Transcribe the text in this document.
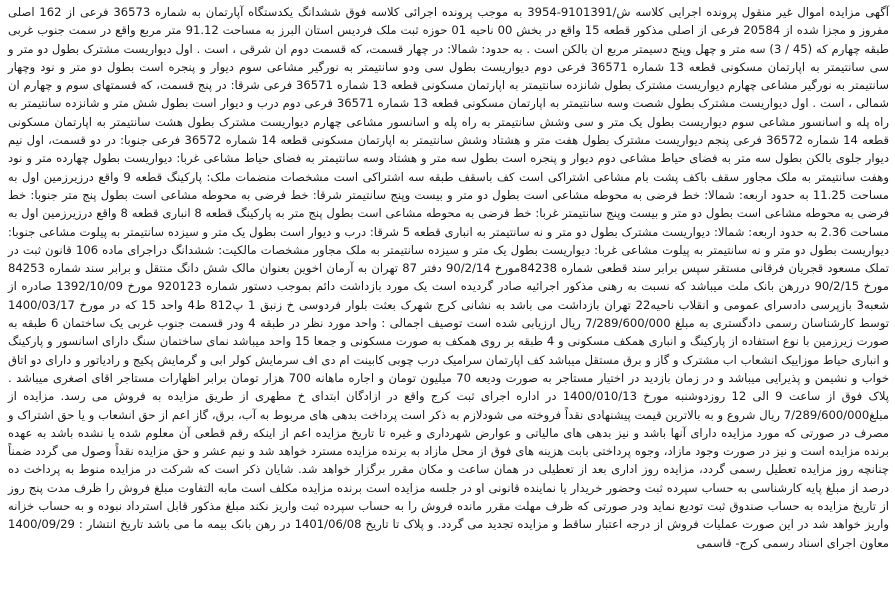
آگهی مزایده اموال غیر منقول پرونده اجرایی کلاسه ش/9101391-3954 به موجب پرونده اجرائی کلاسه فوق ششدانگ یکدستگاه آپارتمان به شماره 36573 فرعی از 162 اصلی مفروز و مجزا شده از 20584 فرعی از اصلی مذکور قطعه 15 واقع در بخش 00 ناحیه 01 حوزه ثبت ملک فردیس استان البرز به مساحت 91.12 متر مربع واقع در سمت جنوب غربی طبقه چهارم که (45 / 3) سه متر و چهل وپنج دسیمتر مربع ان بالکن است . به حدود: شمالا: در چهار قسمت، که قسمت دوم ان شرقی ، است . اول دیواریست مشترک بطول دو متر و سی سانتیمتر به اپارتمان مسکونی قطعه 13 شماره 36571 فرعی دوم دیواریست بطول سی ودو سانتیمتر به نورگیر مشاعی سوم دیوار و پنجره است بطول دو متر و نود وچهار سانتیمتر به نورگیر مشاعی چهارم دیواریست مشترک بطول شانزده سانتیمتر به اپارتمان مسکونی قطعه 13 شماره 36571 فرعی شرقا: در پنج قسمت، که قسمتهای سوم و چهارم ان شمالی ، است . اول دیواریست مشترک بطول شصت وسه سانتیمتر به اپارتمان مسکونی قطعه 13 شماره 36571 فرعی دوم درب و دیوار است بطول شش متر و شانزده سانتیمتر به راه پله و اسانسور مشاعی سوم دیواریست بطول یک متر و سی وشش سانتیمتر به راه پله و اسانسور مشاعی چهارم دیواریست مشترک بطول هشت سانتیمتر به اپارتمان مسکونی قطعه 14 شماره 36572 فرعی پنجم دیواریست مشترک بطول هفت متر و هشتاد وشش سانتیمتر به اپارتمان مسکونی قطعه 14 شماره 36572 فرعی جنوبا: در دو قسمت، اول نیم دیوار جلوی بالکن بطول سه متر به فضای حیاط مشاعی دوم دیوار و پنجره است بطول سه متر و هشتاد وسه سانتیمتر به فضای حیاط مشاعی غربا: دیواریست بطول چهارده متر و نود وهفت سانتیمتر به ملک مجاور سقف باکف پشت بام مشاعی اشتراکی است کف باسقف طبقه سه اشتراکی است مشخصات منضمات ملک: پارکینگ قطعه 9 واقع درزیرزمین اول به مساحت 11.25 به حدود اربعه: شمالا: خط فرضی به محوطه مشاعی است بطول دو متر و بیست وپنج سانتیمتر شرقا: خط فرضی به محوطه مشاعی است بطول پنج متر جنوبا: خط فرضی به محوطه مشاعی است بطول دو متر و بیست وپنج سانتیمتر غربا: خط فرضی به محوطه مشاعی است بطول پنج متر به پارکینگ قطعه 8 انباری قطعه 8 واقع درزیرزمین اول به مساحت 2.36 به حدود اربعه: شمالا: دیواریست مشترک بطول دو متر و نه سانتیمتر به انباری قطعه 5 شرقا: درب و دیوار است بطول یک متر و سیزده سانتیمتر به پیلوت مشاعی جنوبا: دیواریست بطول دو متر و نه سانتیمتر به پیلوت مشاعی غربا: دیواریست بطول یک متر و سیزده سانتیمتر به ملک مجاور مشخصات مالکیت: ششدانگ دراجرای ماده 106 قانون ثبت در تملک مسعود قجریان فرقانی مستقر سپس برابر سند قطعی شماره 84238مورخ 90/2/14 دفتر 87 تهران به آرمان اخوین بعنوان مالک شش دانگ منتقل و برابر سند شماره 84253 مورخ 90/2/15 دررهن بانک ملت میباشد که نسبت به رهنی مذکور اجرائیه صادر گردیده است یک مورد بازداشت دائم بموجب دستور شماره 920123 مورخ 1392/10/09 صادره از شعبه3 بازپرسی دادسرای عمومی و انقلاب ناحیه22 تهران بازداشت می باشد به نشانی کرج شهرک بعثت بلوار فردوسی خ زنبق 1 پ812 ط4 واحد 15 که در مورخ 1400/03/17 توسط کارشناسان رسمی دادگستری به مبلغ 7/289/600/000 ریال ارزیابی شده است توصیف اجمالی : واحد مورد نظر در طبقه 4 ودر قسمت جنوب غربی یک ساختمان 6 طبقه به صورت زیرزمین با نوع استفاده از پارکینگ و انباری همکف مسکونی و 4 طبقه بر روی همکف به صورت مسکونی و جمعا 15 واحد میباشد نمای ساختمان سنگ دارای اسانسور و پارکینگ و انباری حیاط موزاییک انشعاب اب مشترک و گاز و برق مستقل میباشد کف اپارتمان سرامیک درب چوبی کابینت ام دی اف سرمایش کولر ابی و گرمایش پکیج و رادیاتور و دارای دو اتاق خواب و نشیمن و پذیرایی میباشد و در زمان بازدید در اختیار مستاجر به صورت ودیعه 70 میلیون تومان و اجاره ماهانه 700 هزار تومان برابر اظهارات مستاجر اقای اصغری میباشد . پلاک فوق از ساعت 9 الی 12 روزدوشنبه مورخ 1400/010/13 در اداره اجرای ثبت کرج واقع در ازادگان ابتدای خ مطهری از طریق مزایده به فروش می رسد. مزایده از مبلغ7/289/600/000 ریال شروع و به بالاترین قیمت پیشنهادی نقداً فروخته می شودلازم به ذکر است پرداخت بدهی های مربوط به آب، برق، گاز اعم از حق انشعاب و یا حق اشتراک و مصرف در صورتی که مورد مزایده دارای آنها باشد و نیز بدهی های مالیاتی و عوارض شهرداری و غیره تا تاریخ مزایده اعم از اینکه رقم قطعی آن معلوم شده یا نشده باشد به عهده برنده مزایده است و نیز در صورت وجود مازاد، وجوه پرداختی بابت هزینه های فوق از محل مازاد به برنده مزایده مسترد خواهد شد و نیم عشر و حق مزایده نقداً وصول می گردد ضمناً چنانچه روز مزایده تعطیل رسمی گردد، مزایده روز اداری بعد از تعطیلی در همان ساعت و مکان مقرر برگزار خواهد شد. شایان ذکر است که شرکت در مزایده منوط به پرداخت ده درصد از مبلغ پایه کارشناسی به حساب سپرده ثبت وحضور خریدار یا نماینده قانونی او در جلسه مزایده است برنده مزایده مکلف است مابه التفاوت مبلغ فروش را ظرف مدت پنج روز از تاریخ مزایده به حساب صندوق ثبت تودیع نماید ودر صورتی که ظرف مهلت مقرر مانده فروش را به حساب سپرده ثبت واریز نکند مبلغ مذکور قابل استرداد نبوده و به حساب خزانه واریز خواهد شد در این صورت عملیات فروش از درجه اعتبار ساقط و مزایده تجدید می گردد. و پلاک تا تاریخ 1401/06/08 در رهن بانک بیمه ما می باشد تاریخ انتشار : 1400/09/29 معاون اجرای اسناد رسمی کرج- قاسمی
